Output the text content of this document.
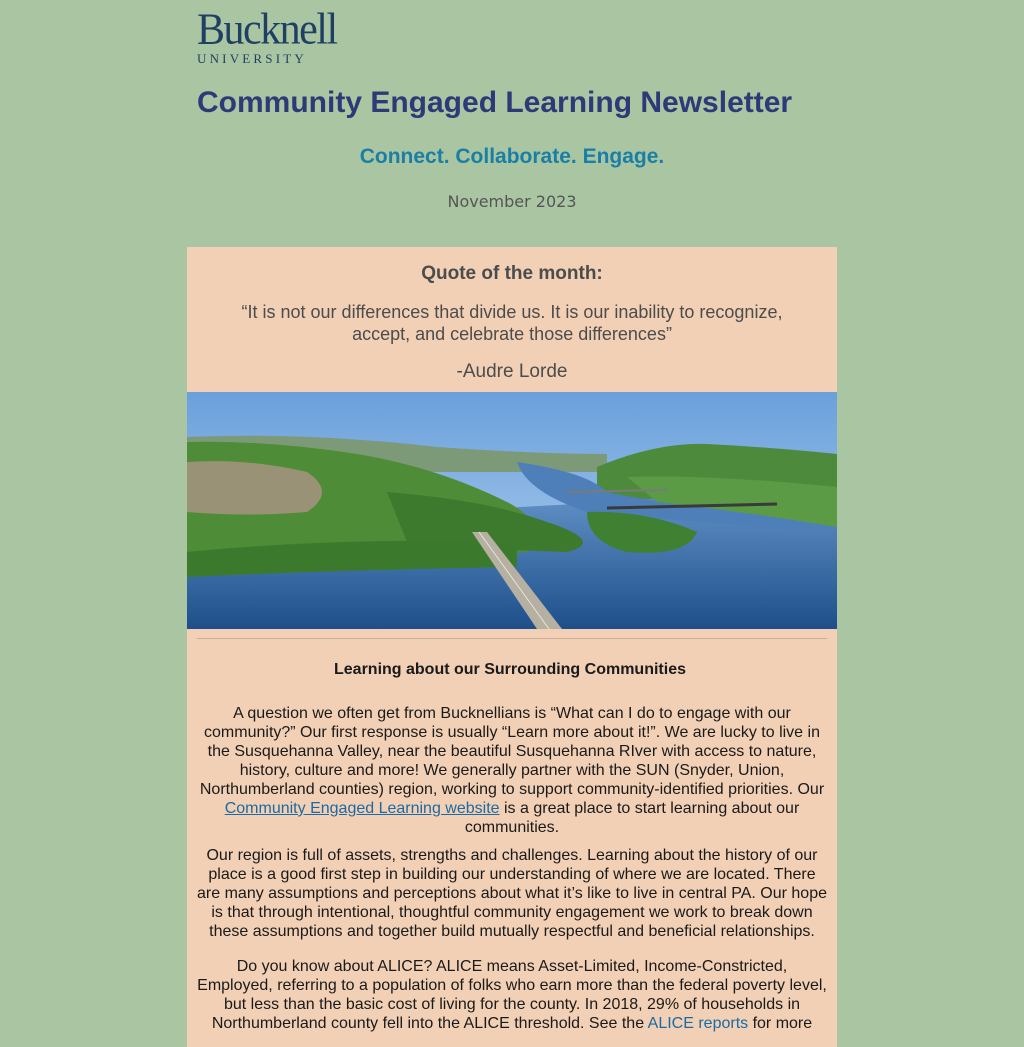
Bucknell
UNIVERSITY
Community Engaged Learning Newsletter
Connect. Collaborate. Engage.
November 2023
Quote of the month:
“It is not our differences that divide us. It is our inability to recognize, accept, and celebrate those differences”
-Audre Lorde
Learning about our Surrounding Communities

A question we often get from Bucknellians is “What can I do to engage with our community?” Our first response is usually “Learn more about it!”. We are lucky to live in the Susquehanna Valley, near the beautiful Susquehanna RIver with access to nature, history, culture and more! We generally partner with the SUN (Snyder, Union, Northumberland counties) region, working to support community-identified priorities. Our Community Engaged Learning website is a great place to start learning about our communities.

Our region is full of assets, strengths and challenges. Learning about the history of our place is a good first step in building our understanding of where we are located. There are many assumptions and perceptions about what it’s like to live in central PA. Our hope is that through intentional, thoughtful community engagement we work to break down these assumptions and together build mutually respectful and beneficial relationships.

Do you know about ALICE? ALICE means Asset-Limited, Income-Constricted, Employed, referring to a population of folks who earn more than the federal poverty level, but less than the basic cost of living for the county. In 2018, 29% of households in Northumberland county fell into the ALICE threshold. See the ALICE reports for more
